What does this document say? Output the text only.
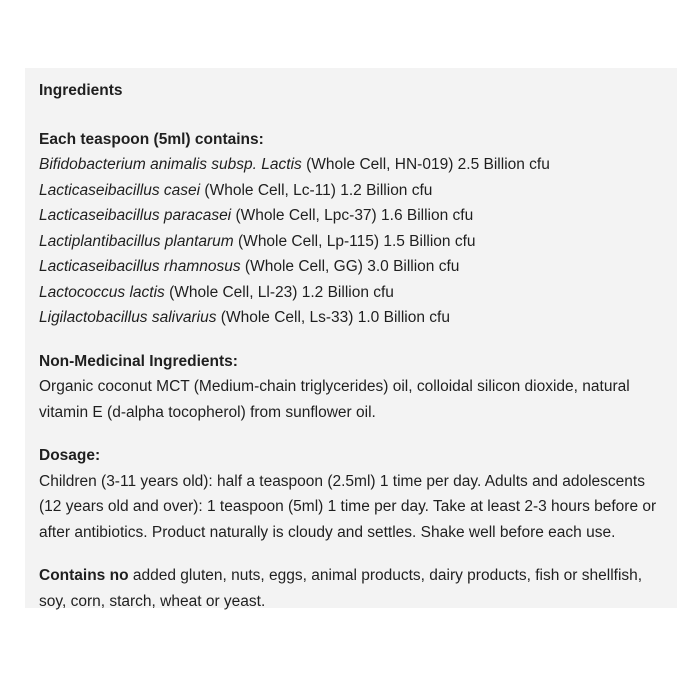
Ingredients

Each teaspoon (5ml) contains:

Bifidobacterium animalis subsp. Lactis (Whole Cell, HN-019) 2.5 Billion cfu
Lacticaseibacillus casei (Whole Cell, Lc-11) 1.2 Billion cfu
Lacticaseibacillus paracasei (Whole Cell, Lpc-37) 1.6 Billion cfu
Lactiplantibacillus plantarum (Whole Cell, Lp-115) 1.5 Billion cfu
Lacticaseibacillus rhamnosus (Whole Cell, GG) 3.0 Billion cfu
Lactococcus lactis (Whole Cell, Ll-23) 1.2 Billion cfu
Ligilactobacillus salivarius (Whole Cell, Ls-33) 1.0 Billion cfu

Non-Medicinal Ingredients:

Organic coconut MCT (Medium-chain triglycerides) oil, colloidal silicon dioxide, natural vitamin E (d-alpha tocopherol) from sunflower oil.

Dosage:

Children (3-11 years old): half a teaspoon (2.5ml) 1 time per day. Adults and adolescents (12 years old and over): 1 teaspoon (5ml) 1 time per day. Take at least 2-3 hours before or after antibiotics. Product naturally is cloudy and settles. Shake well before each use.

Contains no added gluten, nuts, eggs, animal products, dairy products, fish or shellfish, soy, corn, starch, wheat or yeast.
